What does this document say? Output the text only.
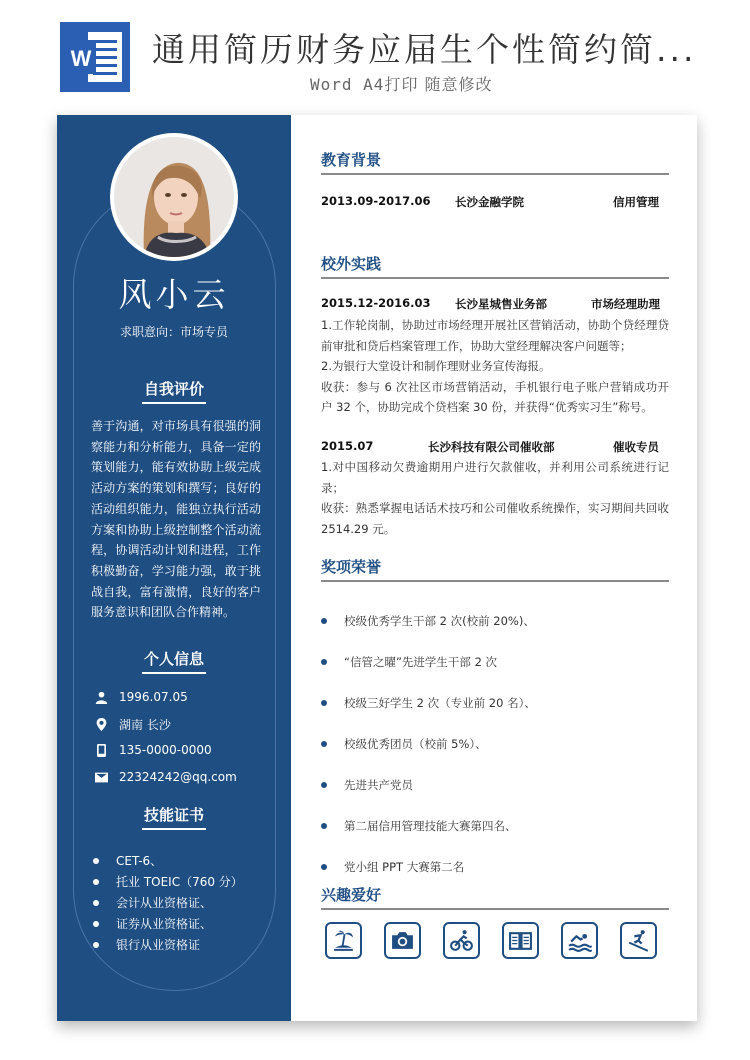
W 通用简历财务应届生个性简约简...
Word A4打印 随意修改
风小云
求职意向：市场专员
自我评价
善于沟通，对市场具有很强的洞察能力和分析能力，具备一定的策划能力，能有效协助上级完成活动方案的策划和撰写；良好的活动组织能力，能独立执行活动方案和协助上级控制整个活动流程，协调活动计划和进程，工作积极勤奋，学习能力强，敢于挑战自我，富有激情，良好的客户服务意识和团队合作精神。
个人信息
1996.07.05
湖南 长沙
135-0000-0000
22324242@qq.com
技能证书
CET-6、
托业 TOEIC（760 分）
会计从业资格证、
证券从业资格证、
银行从业资格证
教育背景
2013.09-2017.06 长沙金融学院	信用管理
校外实践
2015.12-2016.03 长沙星城售业务部	市场经理助理
1.工作轮岗制，协助过市场经理开展社区营销活动，协助个贷经理贷前审批和贷后档案管理工作，协助大堂经理解决客户问题等；
2.为银行大堂设计和制作理财业务宣传海报。
收获：参与 6 次社区市场营销活动，手机银行电子账户营销成功开户 32 个，协助完成个贷档案 30 份，并获得“优秀实习生”称号。
2015.07	长沙科技有限公司催收部	催收专员
1.对中国移动欠费逾期用户进行欠款催收，并利用公司系统进行记录；
收获：熟悉掌握电话话术技巧和公司催收系统操作，实习期间共回收 2514.29 元。
奖项荣誉
校级优秀学生干部 2 次(校前 20%)、
“信管之曜”先进学生干部 2 次
校级三好学生 2 次（专业前 20 名）、
校级优秀团员（校前 5%）、
先进共产党员
第二届信用管理技能大赛第四名、
党小组 PPT 大赛第二名
兴趣爱好
